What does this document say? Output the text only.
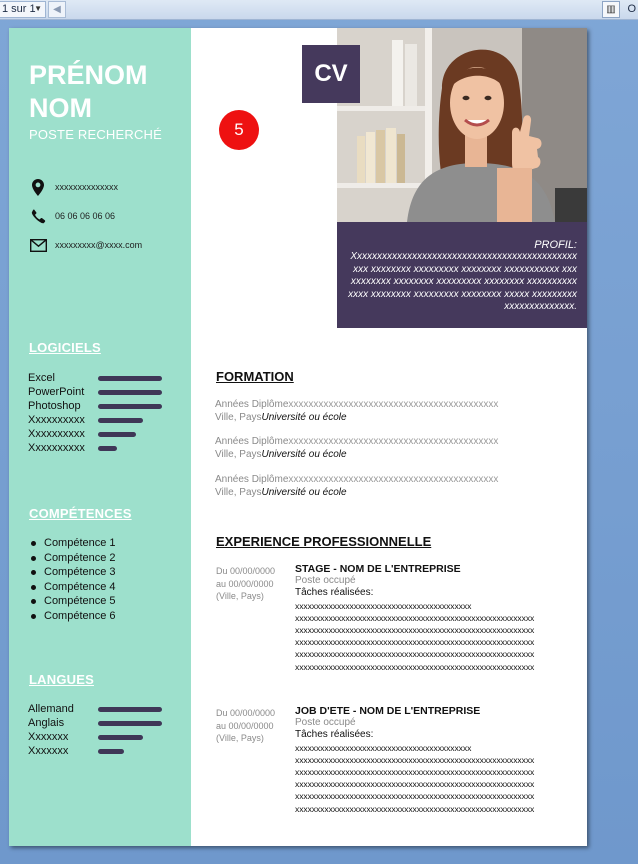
1 sur 1
▼	◀	▥	O
PRÉNOM
NOM
POSTE RECHERCHÉ
xxxxxxxxxxxxxx
06 06 06 06 06
xxxxxxxxx@xxxx.com
LOGICIELS
Excel
PowerPoint
Photoshop
Xxxxxxxxxx
Xxxxxxxxxx
Xxxxxxxxxx
COMPÉTENCES
Compétence 1
Compétence 2
Compétence 3
Compétence 4
Compétence 5
Compétence 6
LANGUES
Allemand
Anglais
Xxxxxxx
Xxxxxxx
5
CV
PROFIL:
Xxxxxxxxxxxxxxxxxxxxxxxxxxxxxxxxxxxxxxxxxxxxx xxx xxxxxxxx xxxxxxxxx xxxxxxxx xxxxxxxxxxx xxx xxxxxxxx xxxxxxxx xxxxxxxxx xxxxxxxx xxxxxxxxxxxxxx xxxxxxxx xxxxxxxxx xxxxxxxx xxxxx xxxxxxxxxxxxxxxxxxxxxxx.
FORMATION
Années Diplômexxxxxxxxxxxxxxxxxxxxxxxxxxxxxxxxxxxxxxxxxx
Ville, PaysUniversité ou école
Années Diplômexxxxxxxxxxxxxxxxxxxxxxxxxxxxxxxxxxxxxxxxxx
Ville, PaysUniversité ou école
Années Diplômexxxxxxxxxxxxxxxxxxxxxxxxxxxxxxxxxxxxxxxxxx
Ville, PaysUniversité ou école
EXPERIENCE PROFESSIONNELLE
Du 00/00/0000
au 00/00/0000
(Ville, Pays)
STAGE - NOM DE L'ENTREPRISE
Poste occupé
Tâches réalisées:
xxxxxxxxxxxxxxxxxxxxxxxxxxxxxxxxxxxxxxxxxx
xxxxxxxxxxxxxxxxxxxxxxxxxxxxxxxxxxxxxxxxxxxxxxxxxxxxxxxxx
xxxxxxxxxxxxxxxxxxxxxxxxxxxxxxxxxxxxxxxxxxxxxxxxxxxxxxxxx
xxxxxxxxxxxxxxxxxxxxxxxxxxxxxxxxxxxxxxxxxxxxxxxxxxxxxxxxx
xxxxxxxxxxxxxxxxxxxxxxxxxxxxxxxxxxxxxxxxxxxxxxxxxxxxxxxxx
xxxxxxxxxxxxxxxxxxxxxxxxxxxxxxxxxxxxxxxxxxxxxxxxxxxxxxxxx
Du 00/00/0000
au 00/00/0000
(Ville, Pays)
JOB D'ETE - NOM DE L'ENTREPRISE
Poste occupé
Tâches réalisées:
xxxxxxxxxxxxxxxxxxxxxxxxxxxxxxxxxxxxxxxxxx
xxxxxxxxxxxxxxxxxxxxxxxxxxxxxxxxxxxxxxxxxxxxxxxxxxxxxxxxx
xxxxxxxxxxxxxxxxxxxxxxxxxxxxxxxxxxxxxxxxxxxxxxxxxxxxxxxxx
xxxxxxxxxxxxxxxxxxxxxxxxxxxxxxxxxxxxxxxxxxxxxxxxxxxxxxxxx
xxxxxxxxxxxxxxxxxxxxxxxxxxxxxxxxxxxxxxxxxxxxxxxxxxxxxxxxx
xxxxxxxxxxxxxxxxxxxxxxxxxxxxxxxxxxxxxxxxxxxxxxxxxxxxxxxxx
